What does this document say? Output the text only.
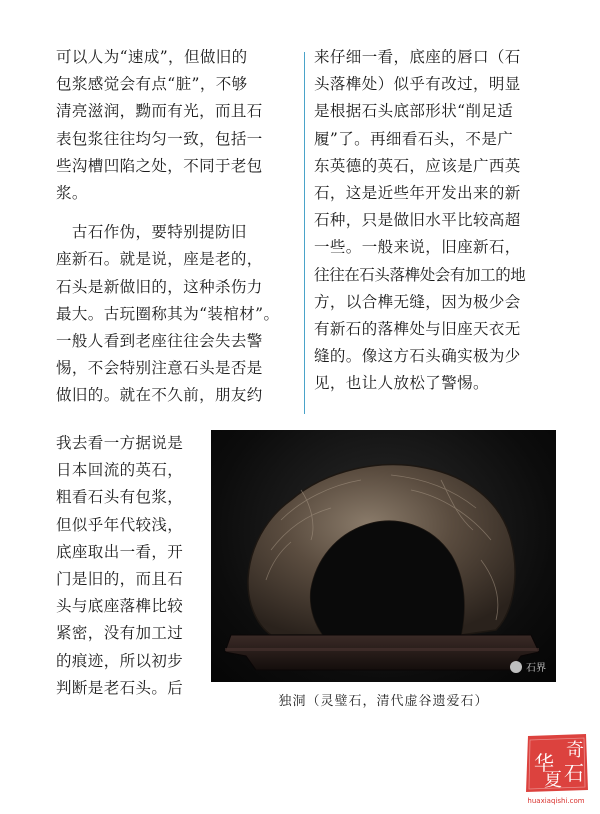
可以人为“速成”，但做旧的
包浆感觉会有点“脏”，不够
清亮滋润，黝而有光，而且石
表包浆往往均匀一致，包括一
些沟槽凹陷之处，不同于老包
浆。
　古石作伪，要特别提防旧
座新石。就是说，座是老的，
石头是新做旧的，这种杀伤力
最大。古玩圈称其为“装棺材”。
一般人看到老座往往会失去警
惕，不会特别注意石头是否是
做旧的。就在不久前，朋友约
来仔细一看，底座的唇口（石
头落榫处）似乎有改过，明显
是根据石头底部形状“削足适
履”了。再细看石头，不是广
东英德的英石，应该是广西英
石，这是近些年开发出来的新
石种，只是做旧水平比较高超
一些。一般来说，旧座新石，
往往在石头落榫处会有加工的地
方，以合榫无缝，因为极少会
有新石的落榫处与旧座天衣无
缝的。像这方石头确实极为少
见，也让人放松了警惕。
我去看一方据说是
日本回流的英石，
粗看石头有包浆，
但似乎年代较浅，
底座取出一看，开
门是旧的，而且石
头与底座落榫比较
紧密，没有加工过
的痕迹，所以初步
判断是老石头。后
石界
独洞（灵璧石，清代虚谷遗爱石）
奇
华 石
夏
huaxiaqishi.com
